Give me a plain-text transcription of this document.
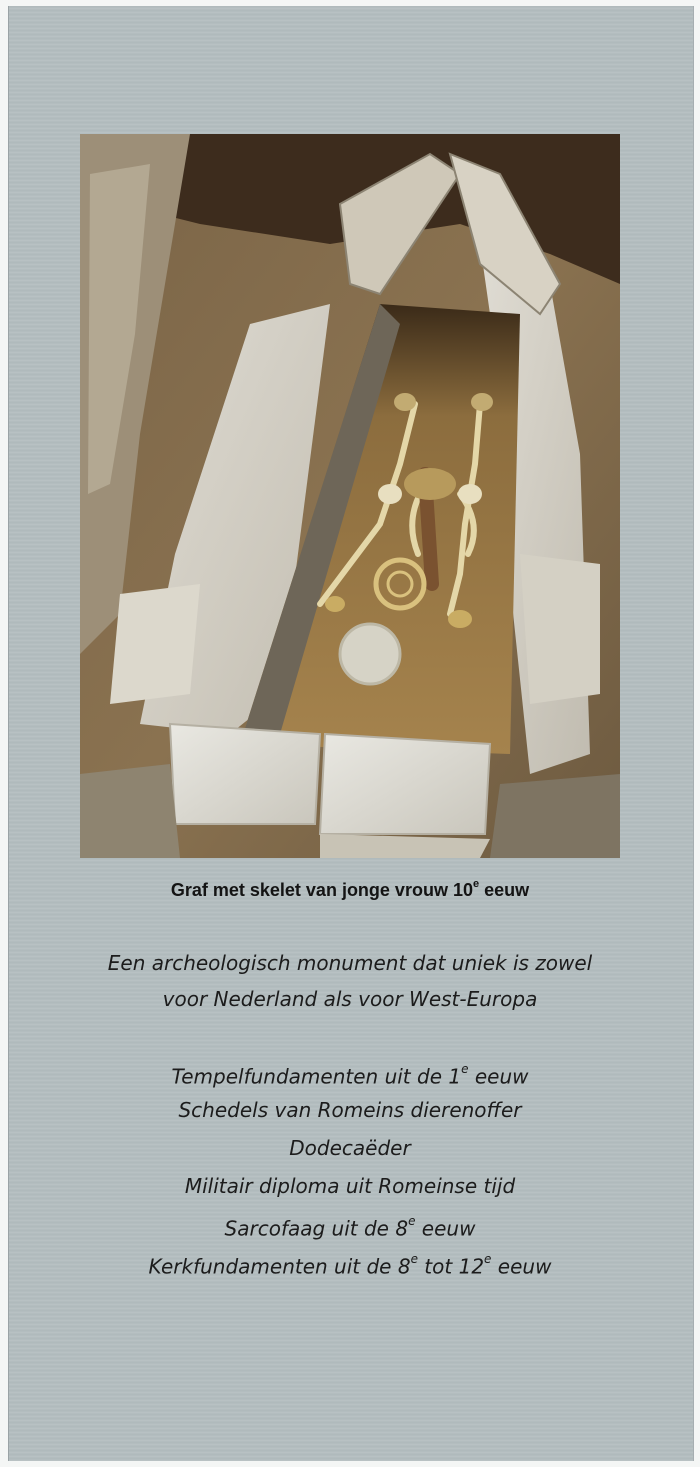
Graf met skelet van jonge vrouw 10e eeuw
Een archeologisch monument dat uniek is zowel
voor Nederland als voor West-Europa
Tempelfundamenten uit de 1e eeuw
Schedels van Romeins dierenoffer
Dodecaëder
Militair diploma uit Romeinse tijd
Sarcofaag uit de 8e eeuw
Kerkfundamenten uit de 8e tot 12e eeuw
